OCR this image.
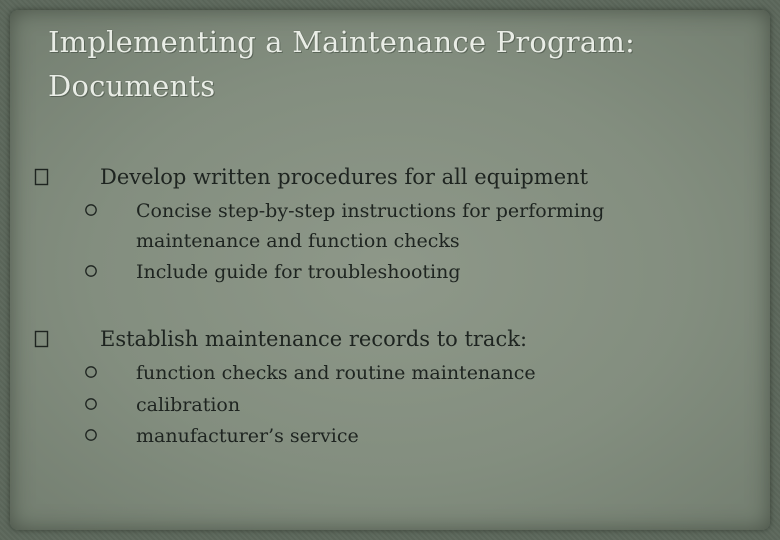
Implementing a Maintenance Program: Documents
Develop written procedures for all equipment
Concise step-by-step instructions for performing maintenance and function checks
Include guide for troubleshooting
Establish maintenance records to track:
function checks and routine maintenance
calibration
manufacturer’s service
